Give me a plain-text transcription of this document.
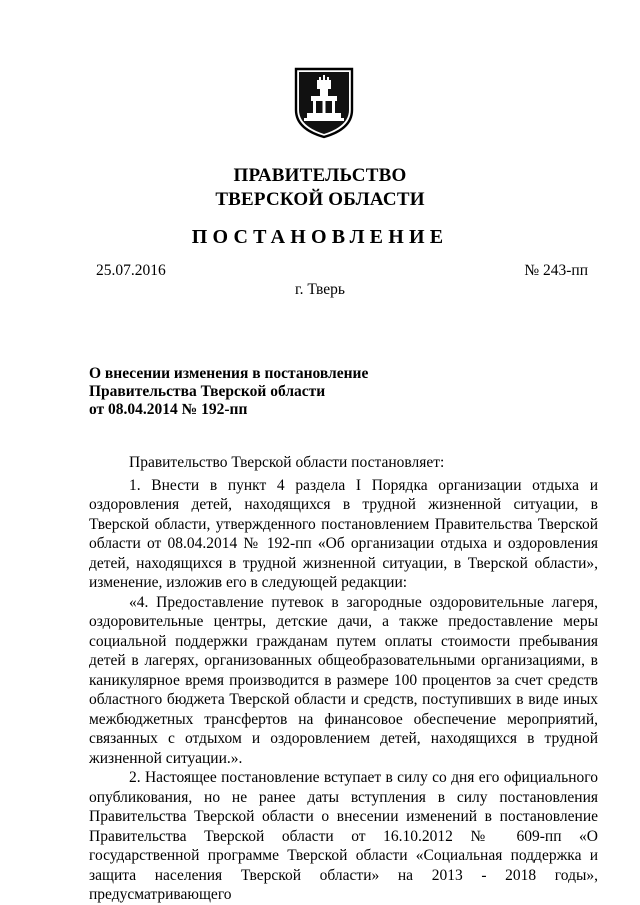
ПРАВИТЕЛЬСТВО
ТВЕРСКОЙ ОБЛАСТИ
ПОСТАНОВЛЕНИЕ
25.07.2016	№ 243-пп
г. Тверь
О внесении изменения в постановление
Правительства Тверской области
от 08.04.2014 № 192-пп

Правительство Тверской области постановляет:

1. Внести в пункт 4 раздела I Порядка организации отдыха и оздоровления детей, находящихся в трудной жизненной ситуации, в Тверской области, утвержденного постановлением Правительства Тверской области от 08.04.2014 № 192-пп «Об организации отдыха и оздоровления детей, находящихся в трудной жизненной ситуации, в Тверской области», изменение, изложив его в следующей редакции:

«4. Предоставление путевок в загородные оздоровительные лагеря, оздоровительные центры, детские дачи, а также предоставление меры социальной поддержки гражданам путем оплаты стоимости пребывания детей в лагерях, организованных общеобразовательными организациями, в каникулярное время производится в размере 100 процентов за счет средств областного бюджета Тверской области и средств, поступивших в виде иных межбюджетных трансфертов на финансовое обеспечение мероприятий, связанных с отдыхом и оздоровлением детей, находящихся в трудной жизненной ситуации.».

2. Настоящее постановление вступает в силу со дня его официального опубликования, но не ранее даты вступления в силу постановления Правительства Тверской области о внесении изменений в постановление Правительства Тверской области от 16.10.2012 № 609-пп «О государственной программе Тверской области «Социальная поддержка и защита населения Тверской области» на 2013 - 2018 годы», предусматривающего
